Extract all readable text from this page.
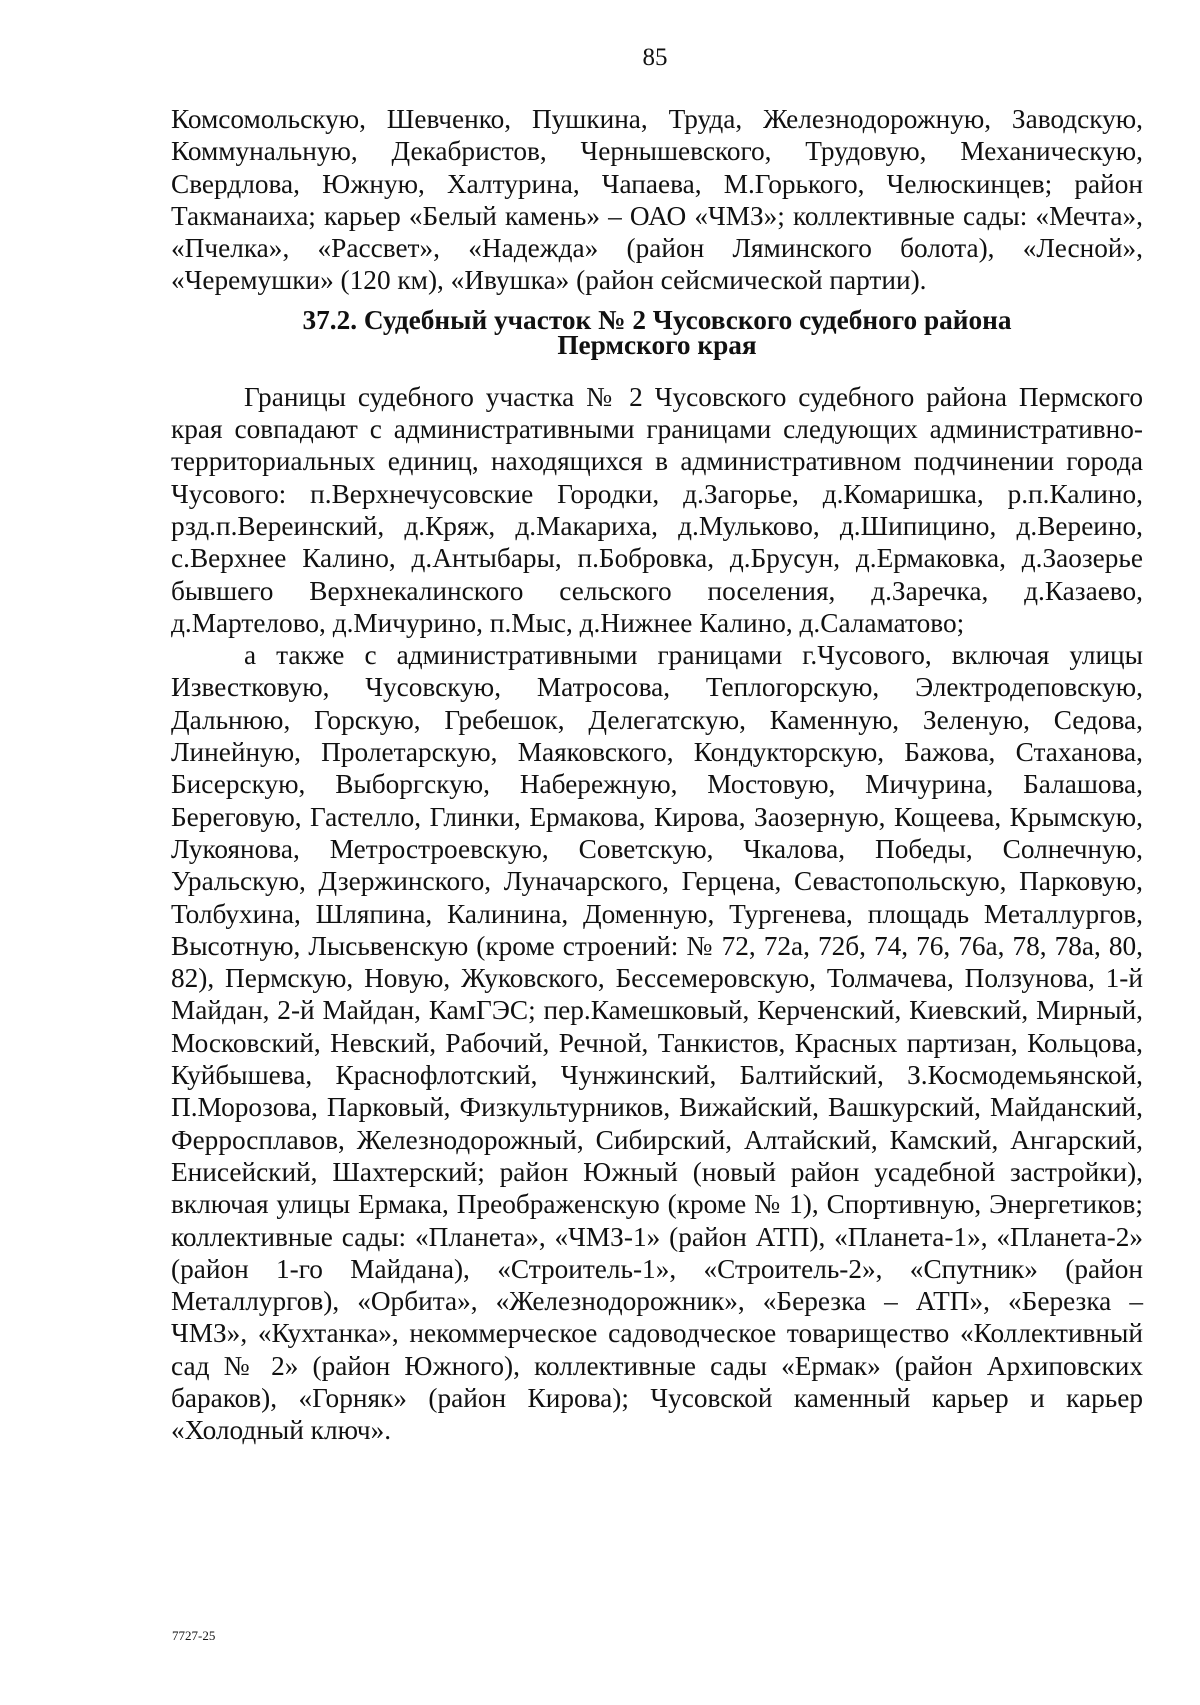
85

Комсомольскую, Шевченко, Пушкина, Труда, Железнодорожную, Заводскую, Коммунальную, Декабристов, Чернышевского, Трудовую, Механическую, Свердлова, Южную, Халтурина, Чапаева, М.Горького, Челюскинцев; район Такманаиха; карьер «Белый камень» – ОАО «ЧМЗ»; коллективные сады: «Мечта», «Пчелка», «Рассвет», «Надежда» (район Ляминского болота), «Лесной», «Черемушки» (120 км), «Ивушка» (район сейсмической партии).

37.2. Судебный участок № 2 Чусовского судебного района
Пермского края

Границы судебного участка № 2 Чусовского судебного района Пермского края совпадают с административными границами следующих административно-территориальных единиц, находящихся в административном подчинении города Чусового: п.Верхнечусовские Городки, д.Загорье, д.Комаришка, р.п.Калино, рзд.п.Вереинский, д.Кряж, д.Макариха, д.Мульково, д.Шипицино, д.Вереино, с.Верхнее Калино, д.Антыбары, п.Бобровка, д.Брусун, д.Ермаковка, д.Заозерье бывшего Верхнекалинского сельского поселения, д.Заречка, д.Казаево, д.Мартелово, д.Мичурино, п.Мыс, д.Нижнее Калино, д.Саламатово;

а также с административными границами г.Чусового, включая улицы Известковую, Чусовскую, Матросова, Теплогорскую, Электродеповскую, Дальнюю, Горскую, Гребешок, Делегатскую, Каменную, Зеленую, Седова, Линейную, Пролетарскую, Маяковского, Кондукторскую, Бажова, Стаханова, Бисерскую, Выборгскую, Набережную, Мостовую, Мичурина, Балашова, Береговую, Гастелло, Глинки, Ермакова, Кирова, Заозерную, Кощеева, Крымскую, Лукоянова, Метростроевскую, Советскую, Чкалова, Победы, Солнечную, Уральскую, Дзержинского, Луначарского, Герцена, Севастопольскую, Парковую, Толбухина, Шляпина, Калинина, Доменную, Тургенева, площадь Металлургов, Высотную, Лысьвенскую (кроме строений: № 72, 72а, 72б, 74, 76, 76а, 78, 78а, 80, 82), Пермскую, Новую, Жуковского, Бессемеровскую, Толмачева, Ползунова, 1-й Майдан, 2-й Майдан, КамГЭС; пер.Камешковый, Керченский, Киевский, Мирный, Московский, Невский, Рабочий, Речной, Танкистов, Красных партизан, Кольцова, Куйбышева, Краснофлотский, Чунжинский, Балтийский, З.Космодемьянской, П.Морозова, Парковый, Физкультурников, Вижайский, Вашкурский, Майданский, Ферросплавов, Железнодорожный, Сибирский, Алтайский, Камский, Ангарский, Енисейский, Шахтерский; район Южный (новый район усадебной застройки), включая улицы Ермака, Преображенскую (кроме № 1), Спортивную, Энергетиков; коллективные сады: «Планета», «ЧМЗ-1» (район АТП), «Планета-1», «Планета-2» (район 1-го Майдана), «Строитель-1», «Строитель-2», «Спутник» (район Металлургов), «Орбита», «Железнодорожник», «Березка – АТП», «Березка – ЧМЗ», «Кухтанка», некоммерческое садоводческое товарищество «Коллективный сад № 2» (район Южного), коллективные сады «Ермак» (район Архиповских бараков), «Горняк» (район Кирова); Чусовской каменный карьер и карьер «Холодный ключ».

7727-25
